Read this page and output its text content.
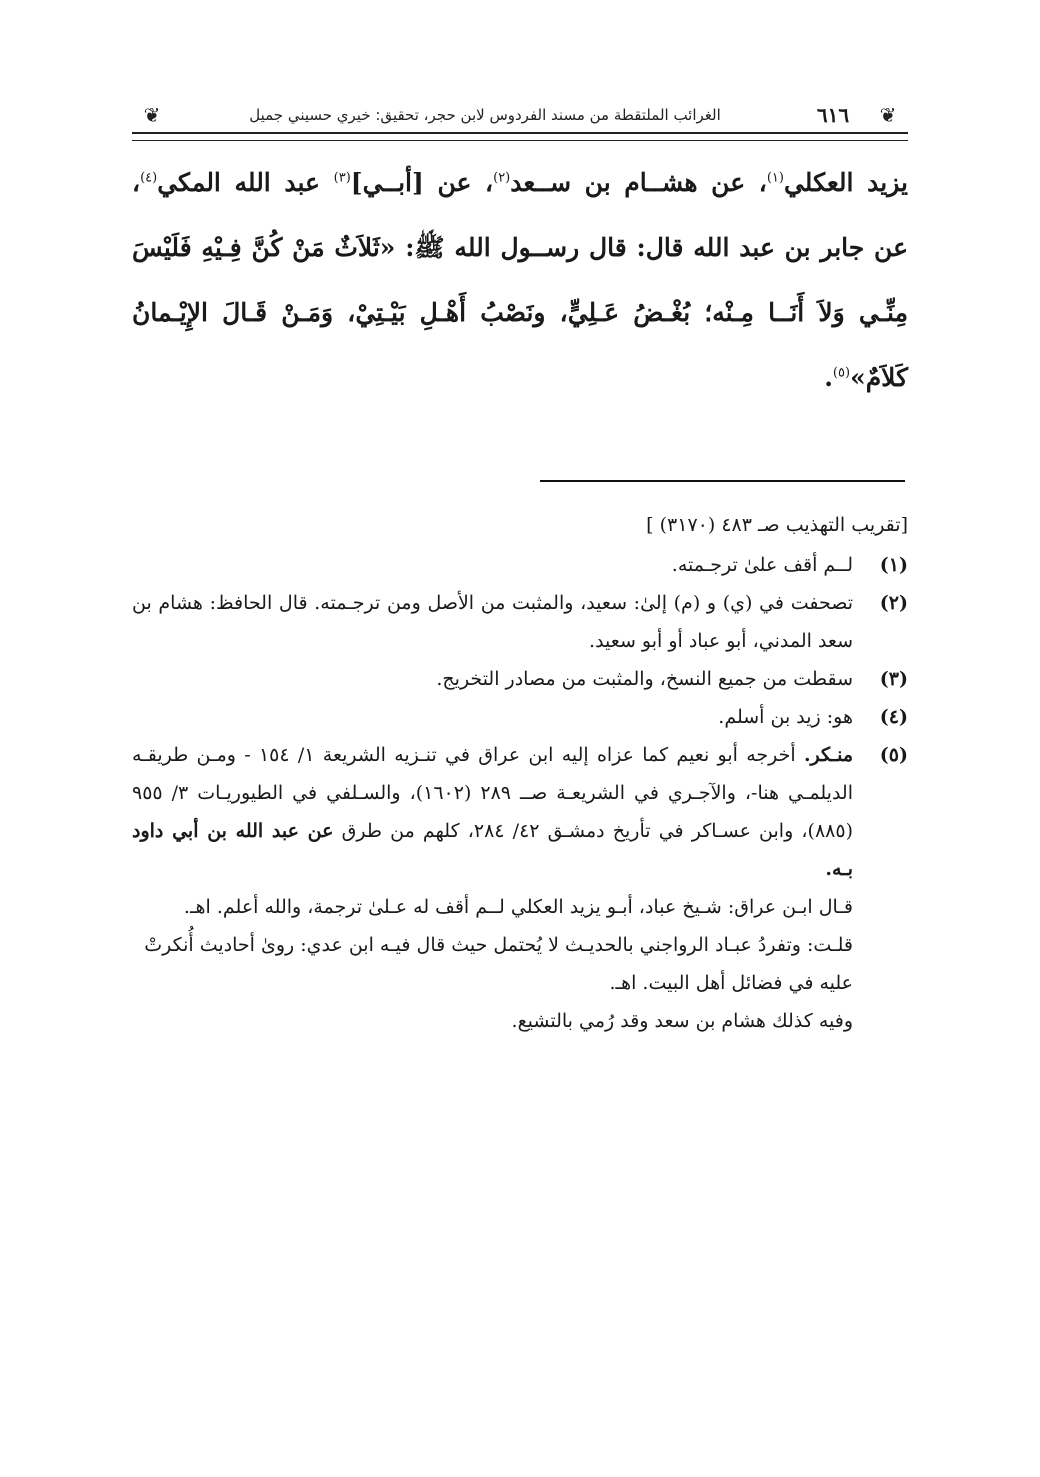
❦	الغرائب الملتقطة من مسند الفردوس لابن حجر، تحقيق: خيري حسيني جميل	٦١٦	❦
يزيد العكلي$^{(١)}$، عن هشــام بن ســعد$^{(٢)}$، عن [أبــي]$^{(٣)}$ عبد الله المكي$^{(٤)}$،
عن جابر بن عبد الله قال: قال رســول الله ﷺ: «ثَلاَثٌ مَنْ كُنَّ فِـيْهِ فَلَيْسَ
مِنِّـي وَلاَ أَنَــا مِـنْه؛ بُغْـضُ عَـلِيٍّ، ونَصْبُ أَهْـلِ بَيْـتِيْ، وَمَـنْ قَـالَ الإِيْـمانُ
كَلاَمٌ»$^{(٥)}$.
[تقريب التهذيب صـ ٤٨٣ (٣١٧٠) ]
(١)
لــم أقف علىٰ ترجـمته.
(٢)
تصحفت في (ي) و (م) إلىٰ: سعيد، والمثبت من الأصل ومن ترجـمته. قال الحافظ: هشام بن سعد المدني، أبو عباد أو أبو سعيد.
(٣)
سقطت من جميع النسخ، والمثبت من مصادر التخريج.
(٤)
هو: زيد بن أسلم.
(٥)
منـكر. أخرجه أبو نعيم كما عزاه إليه ابن عراق في تنـزيه الشريعة ١/ ١٥٤ - ومـن طريقـه الديلمـي هنا-، والآجـري في الشريعـة صــ ٢٨٩ (١٦٠٢)، والسـلفي في الطيوريـات ٣/ ٩٥٥ (٨٨٥)، وابن عسـاكر في تأريخ دمشـق ٤٢/ ٢٨٤، كلهم من طرق عن عبد الله بن أبي داود بـه.
قـال ابـن عراق: شـيخ عباد، أبـو يزيد العكلي لــم أقف له عـلىٰ ترجمة، والله أعلم. اهـ.
قلـت: وتفردُ عبـاد الرواجني بالحديـث لا يُحتمل حيث قال فيـه ابن عدي: روىٰ أحاديث أُنكرتْ عليه في فضائل أهل البيت. اهـ.
وفيه كذلك هشام بن سعد وقد رُمي بالتشيع.
